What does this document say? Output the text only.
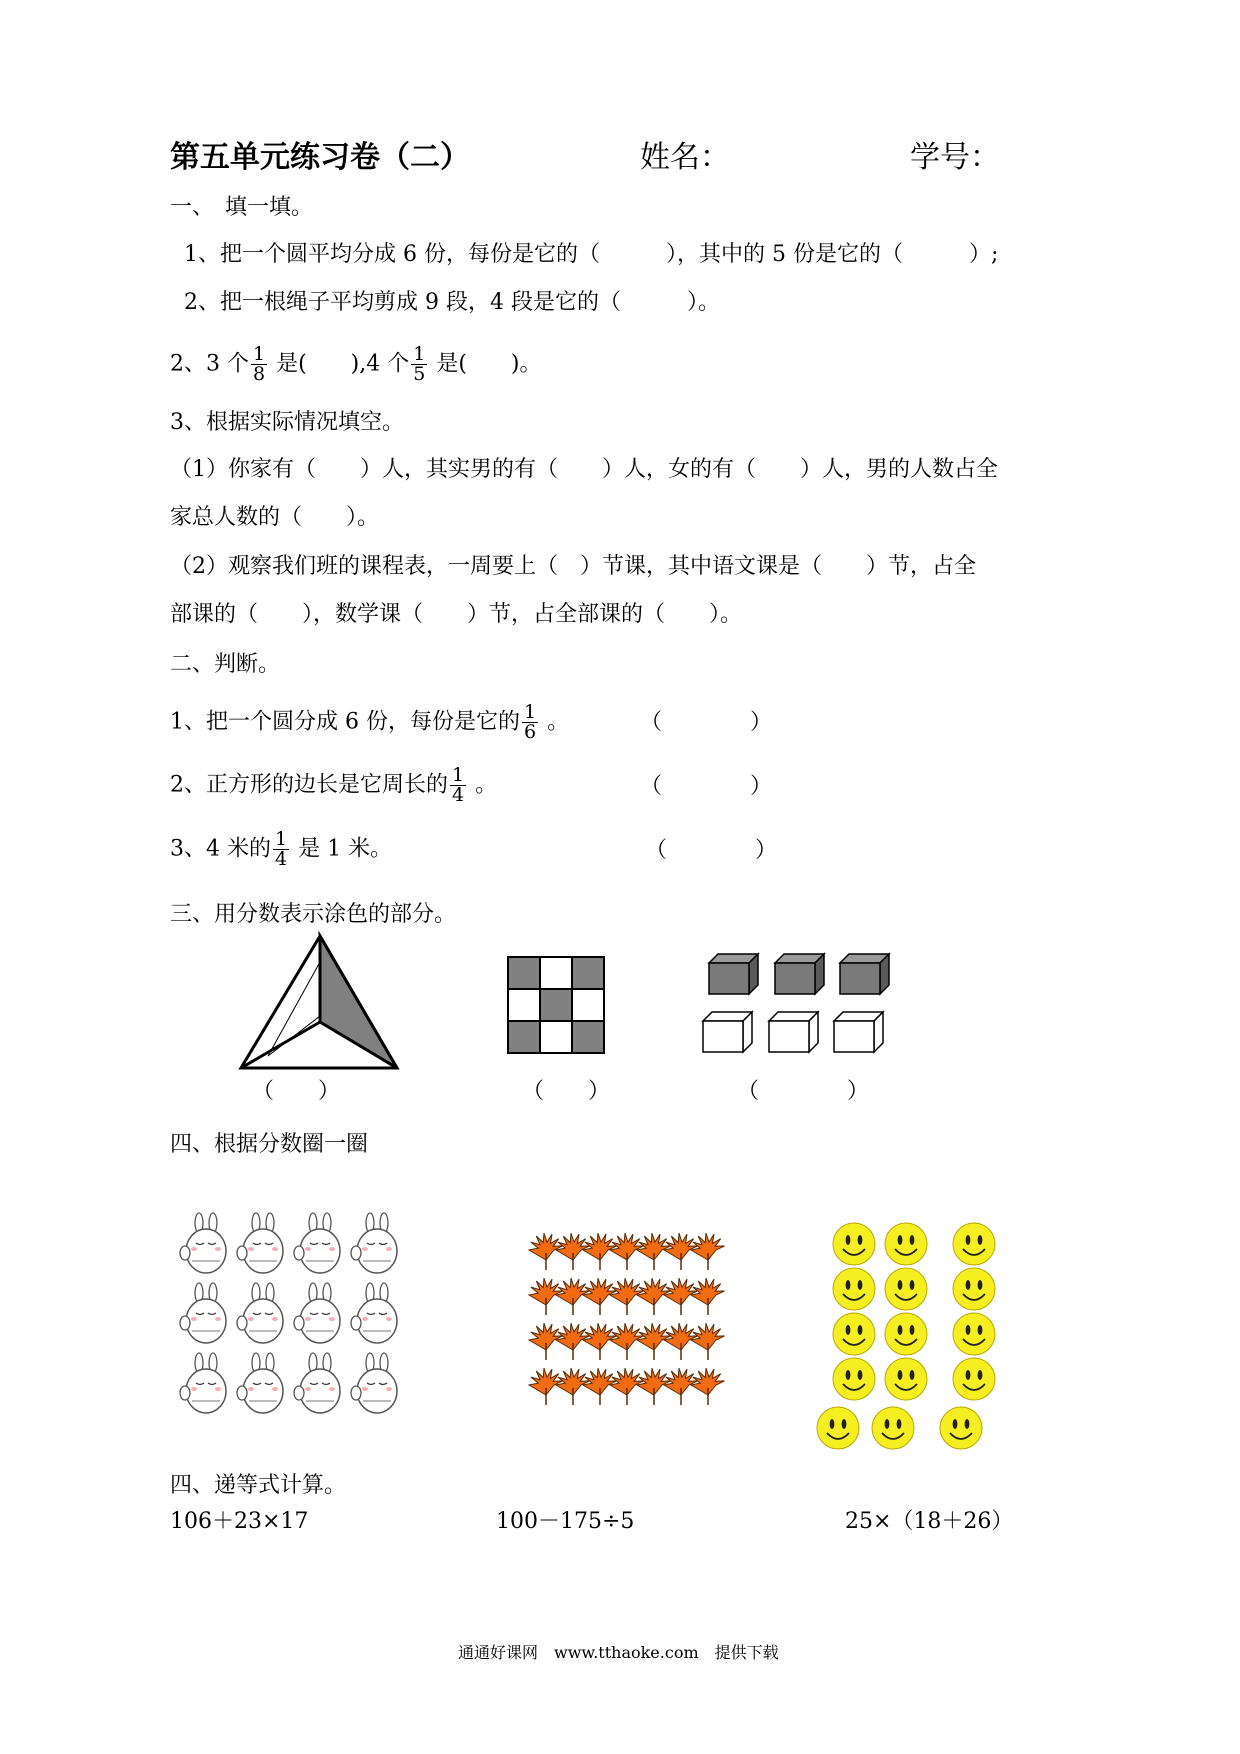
第五单元练习卷（二）	姓名：	学号：
一、　填一填。
1、把一个圆平均分成 6 份，每份是它的（　　　），其中的 5 份是它的（　　　）;
2、把一根绳子平均剪成 9 段，4 段是它的（　　　）。
2、3 个 $\frac{1}{8}$ 是(　　),4 个 $\frac{1}{5}$ 是(　　)。
3、根据实际情况填空。
（1）你家有（　　）人，其实男的有（　　）人，女的有（　　）人，男的人数占全
家总人数的（　　）。
（2）观察我们班的课程表，一周要上（　）节课，其中语文课是（　　）节，占全
部课的（　　），数学课（　　）节，占全部课的（　　）。
二、判断。
1、把一个圆分成 6 份，每份是它的 $\frac{1}{6}$ 。	（　　　　）
2、正方形的边长是它周长的 $\frac{1}{4}$ 。	（　　　　）
3、4 米的 $\frac{1}{4}$ 是 1 米。	（　　　　）
三、用分数表示涂色的部分。
（　　）	（　　）	（　　　　）
四、根据分数圈一圈
四、递等式计算。
106＋23×17	100－175÷5	25×（18＋26）
通通好课网　www.tthaoke.com　提供下载
